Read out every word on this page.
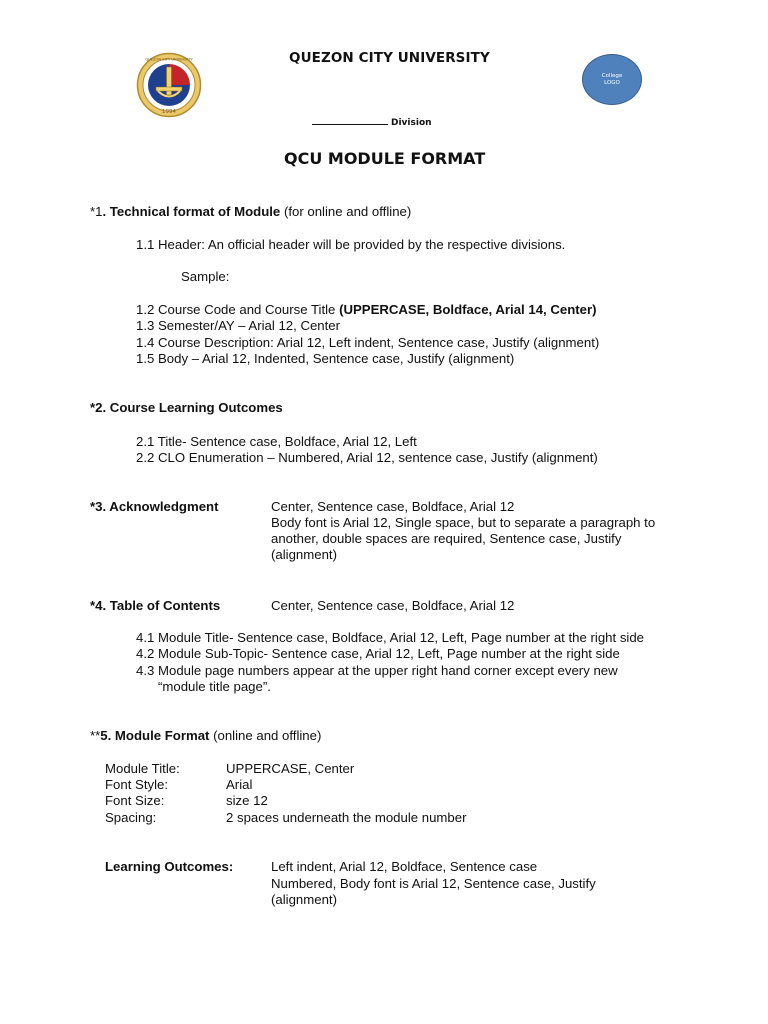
1994
QUEZON CITY UNIVERSITY	QUEZON CITY UNIVERSITY
College
LOGO
Division
QCU MODULE FORMAT
*1. Technical format of Module (for online and offline)
1.1 Header: An official header will be provided by the respective divisions.
Sample:
1.2 Course Code and Course Title (UPPERCASE, Boldface, Arial 14, Center)
1.3 Semester/AY – Arial 12, Center
1.4 Course Description: Arial 12, Left indent, Sentence case, Justify (alignment)
1.5 Body – Arial 12, Indented, Sentence case, Justify (alignment)
*2. Course Learning Outcomes
2.1 Title- Sentence case, Boldface, Arial 12, Left
2.2 CLO Enumeration – Numbered, Arial 12, sentence case, Justify (alignment)
*3. Acknowledgment	Center, Sentence case, Boldface, Arial 12
Body font is Arial 12, Single space, but to separate a paragraph to another, double spaces are required, Sentence case, Justify (alignment)
*4. Table of Contents	Center, Sentence case, Boldface, Arial 12
4.1 Module Title- Sentence case, Boldface, Arial 12, Left, Page number at the right side
4.2 Module Sub-Topic- Sentence case, Arial 12, Left, Page number at the right side
4.3 Module page numbers appear at the upper right hand corner except every new
“module title page”.
**5. Module Format (online and offline)
Module Title:	UPPERCASE, Center
Font Style:	Arial
Font Size:	size 12
Spacing:	2 spaces underneath the module number
Learning Outcomes:	Left indent, Arial 12, Boldface, Sentence case
Numbered, Body font is Arial 12, Sentence case, Justify (alignment)
